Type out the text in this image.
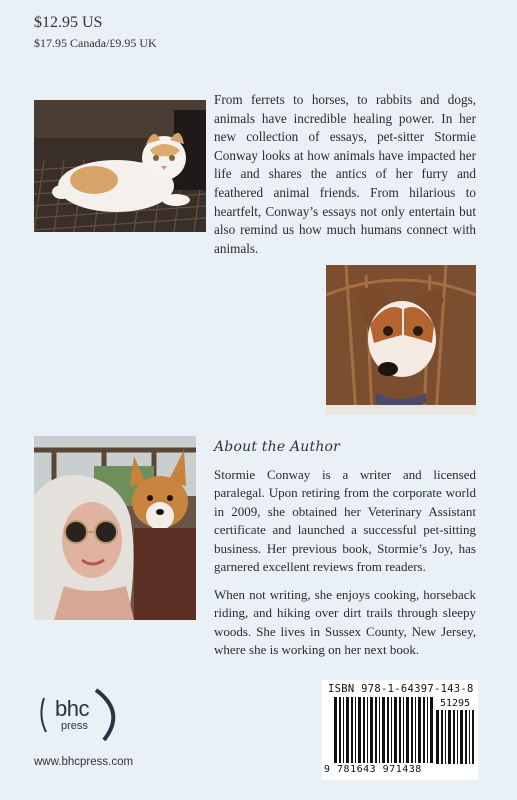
$12.95 US
$17.95 Canada/£9.95 UK

From ferrets to horses, to rabbits and dogs, animals have incredible healing power. In her new collection of essays, pet-sitter Stormie Conway looks at how animals have impacted her life and shares the antics of her furry and feathered animal friends. From hilarious to heartfelt, Conway’s essays not only entertain but also remind us how much humans connect with animals.

About the Author

Stormie Conway is a writer and licensed paralegal. Upon retiring from the corporate world in 2009, she obtained her Veterinary Assistant certificate and launched a successful pet-sitting business. Her previous book, Stormie’s Joy, has garnered excellent reviews from readers.

When not writing, she enjoys cooking, horseback riding, and hiking over dirt trails through sleepy woods. She lives in Sussex County, New Jersey, where she is working on her next book.

bhc
press
www.bhcpress.com
ISBN 978-1-64397-143-8
51295
9 781643 971438
